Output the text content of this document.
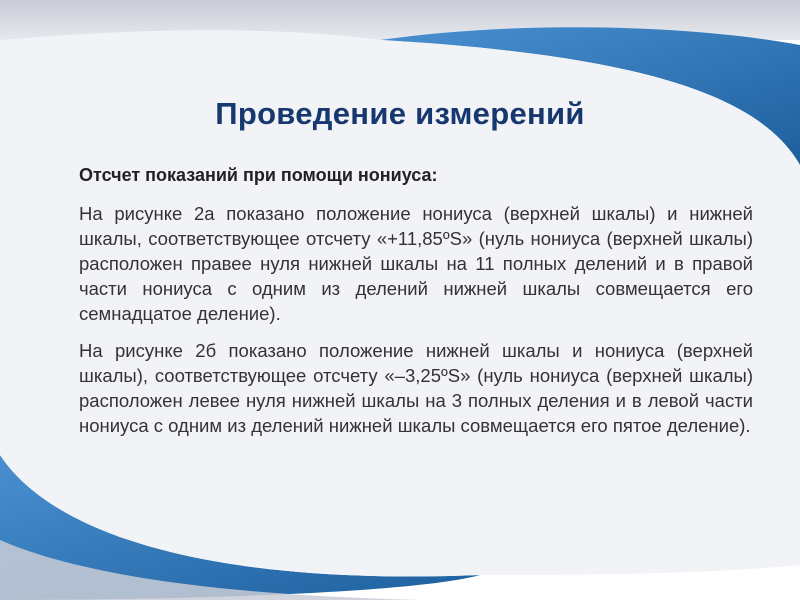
Проведение измерений

Отсчет показаний при помощи нониуса:

На рисунке 2а показано положение нониуса (верхней шкалы) и нижней шкалы, соответствующее отсчету «+11,85ºS» (нуль нониуса (верхней шкалы) расположен правее нуля нижней шкалы на 11 полных делений и в правой части нониуса с одним из делений нижней шкалы совмещается его семнадцатое деление).

На рисунке 2б показано положение нижней шкалы и нониуса (верхней шкалы), соответствующее отсчету «–3,25ºS» (нуль нониуса (верхней шкалы) расположен левее нуля нижней шкалы на 3 полных деления и в левой части нониуса с одним из делений нижней шкалы совмещается его пятое деление).
